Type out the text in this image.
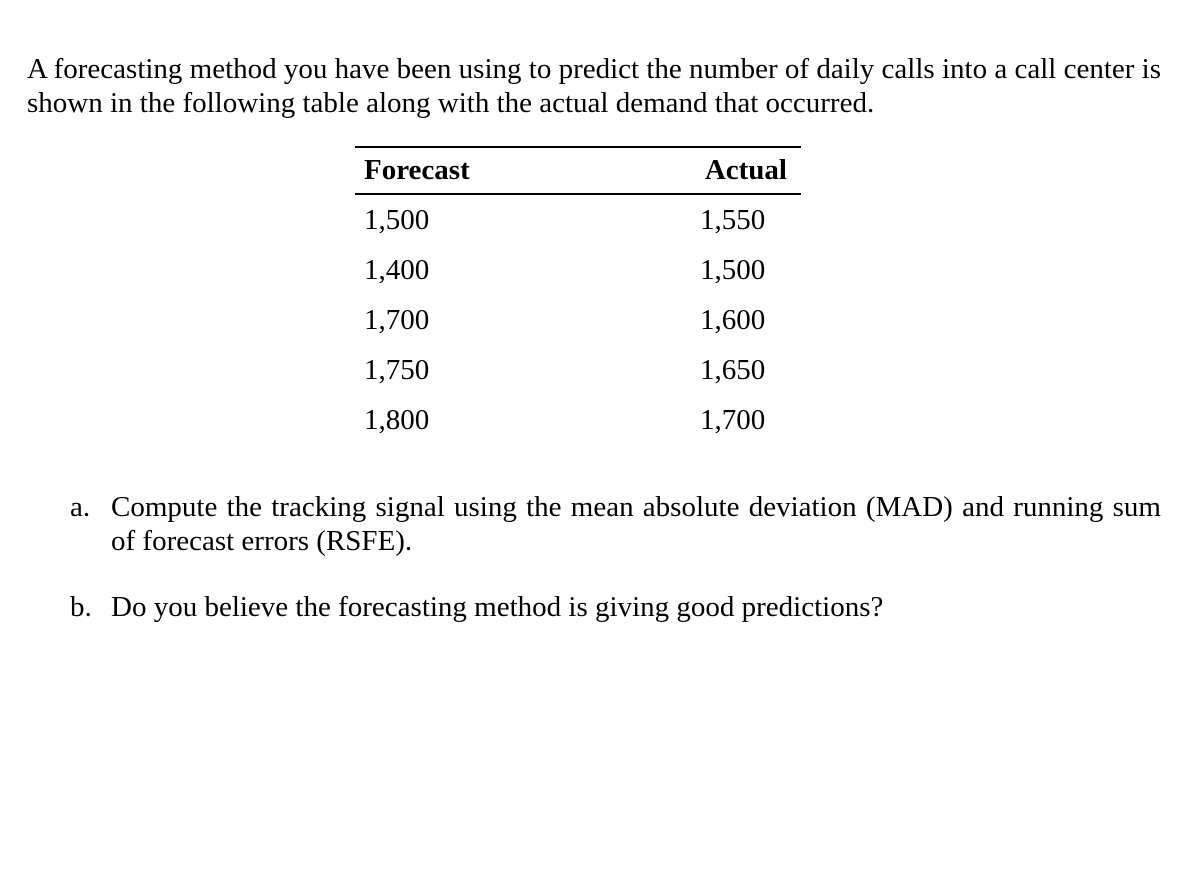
A forecasting method you have been using to predict the number of daily calls into a call center is shown in the following table along with the actual demand that occurred.

Forecast	Actual
1,500	1,550
1,400	1,500
1,700	1,600
1,750	1,650
1,800	1,700
a. Compute the tracking signal using the mean absolute deviation (MAD) and running sum of forecast errors (RSFE).
b. Do you believe the forecasting method is giving good predictions?
